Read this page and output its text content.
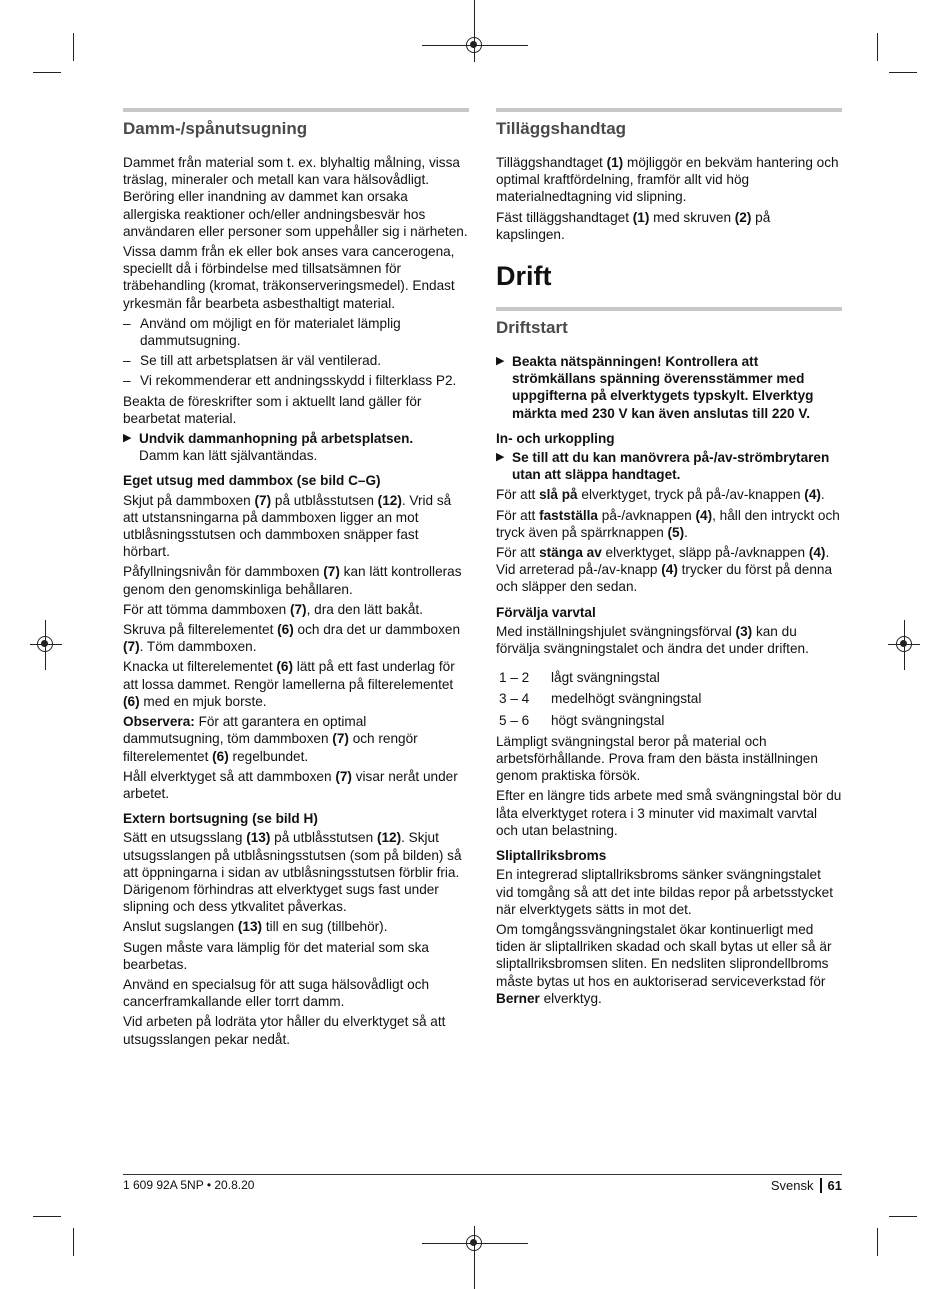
Damm-/spånutsugning

Dammet från material som t. ex. blyhaltig målning, vissa träslag, mineraler och metall kan vara hälsovådligt. Beröring eller inandning av dammet kan orsaka allergiska reaktioner och/eller andningsbesvär hos användaren eller personer som uppehåller sig i närheten.

Vissa damm från ek eller bok anses vara cancerogena, speciellt då i förbindelse med tillsatsämnen för träbehandling (kromat, träkonserveringsmedel). Endast yrkesmän får bearbeta asbesthaltigt material.

– Använd om möjligt en för materialet lämplig dammutsugning.
– Se till att arbetsplatsen är väl ventilerad.
– Vi rekommenderar ett andningsskydd i filterklass P2.

Beakta de föreskrifter som i aktuellt land gäller för bearbetat material.

▶ Undvik dammanhopning på arbetsplatsen.
Damm kan lätt självantändas.
Eget utsug med dammbox (se bild C–G)

Skjut på dammboxen (7) på utblåsstutsen (12). Vrid så att utstansningarna på dammboxen ligger an mot utblåsningsstutsen och dammboxen snäpper fast hörbart.

Påfyllningsnivån för dammboxen (7) kan lätt kontrolleras genom den genomskinliga behållaren.

För att tömma dammboxen (7), dra den lätt bakåt.

Skruva på filterelementet (6) och dra det ur dammboxen (7). Töm dammboxen.

Knacka ut filterelementet (6) lätt på ett fast underlag för att lossa dammet. Rengör lamellerna på filterelementet (6) med en mjuk borste.

Observera: För att garantera en optimal dammutsugning, töm dammboxen (7) och rengör filterelementet (6) regelbundet.

Håll elverktyget så att dammboxen (7) visar neråt under arbetet.

Extern bortsugning (se bild H)

Sätt en utsugsslang (13) på utblåsstutsen (12). Skjut utsugsslangen på utblåsningsstutsen (som på bilden) så att öppningarna i sidan av utblåsningsstutsen förblir fria. Därigenom förhindras att elverktyget sugs fast under slipning och dess ytkvalitet påverkas.

Anslut sugslangen (13) till en sug (tillbehör).

Sugen måste vara lämplig för det material som ska bearbetas.

Använd en specialsug för att suga hälsovådligt och cancerframkallande eller torrt damm.

Vid arbeten på lodräta ytor håller du elverktyget så att utsugsslangen pekar nedåt.

Tilläggshandtag

Tilläggshandtaget (1) möjliggör en bekväm hantering och optimal kraftfördelning, framför allt vid hög materialnedtagning vid slipning.

Fäst tilläggshandtaget (1) med skruven (2) på kapslingen.

Drift
Driftstart
▶ Beakta nätspänningen! Kontrollera att strömkällans spänning överensstämmer med uppgifterna på elverktygets typskylt. Elverktyg märkta med 230 V kan även anslutas till 220 V.
In- och urkoppling
▶ Se till att du kan manövrera på-/av-strömbrytaren utan att släppa handtaget.

För att slå på elverktyget, tryck på på-/av-knappen (4).

För att fastställa på-/avknappen (4), håll den intryckt och tryck även på spärrknappen (5).

För att stänga av elverktyget, släpp på-/avknappen (4). Vid arreterad på-/av-knapp (4) trycker du först på denna och släpper den sedan.

Förvälja varvtal

Med inställningshjulet svängningsförval (3) kan du förvälja svängningstalet och ändra det under driften.

1 – 2	lågt svängningstal
3 – 4	medelhögt svängningstal
5 – 6	högt svängningstal

Lämpligt svängningstal beror på material och arbetsförhållande. Prova fram den bästa inställningen genom praktiska försök.

Efter en längre tids arbete med små svängningstal bör du låta elverktyget rotera i 3 minuter vid maximalt varvtal och utan belastning.

Sliptallriksbroms

En integrerad sliptallriksbroms sänker svängningstalet vid tomgång så att det inte bildas repor på arbetsstycket när elverktygets sätts in mot det.

Om tomgångssvängningstalet ökar kontinuerligt med tiden är sliptallriken skadad och skall bytas ut eller så är sliptallriksbromsen sliten. En nedsliten sliprondellbroms måste bytas ut hos en auktoriserad serviceverkstad för Berner elverktyg.

1 609 92A 5NP • 20.8.20	Svensk 61
